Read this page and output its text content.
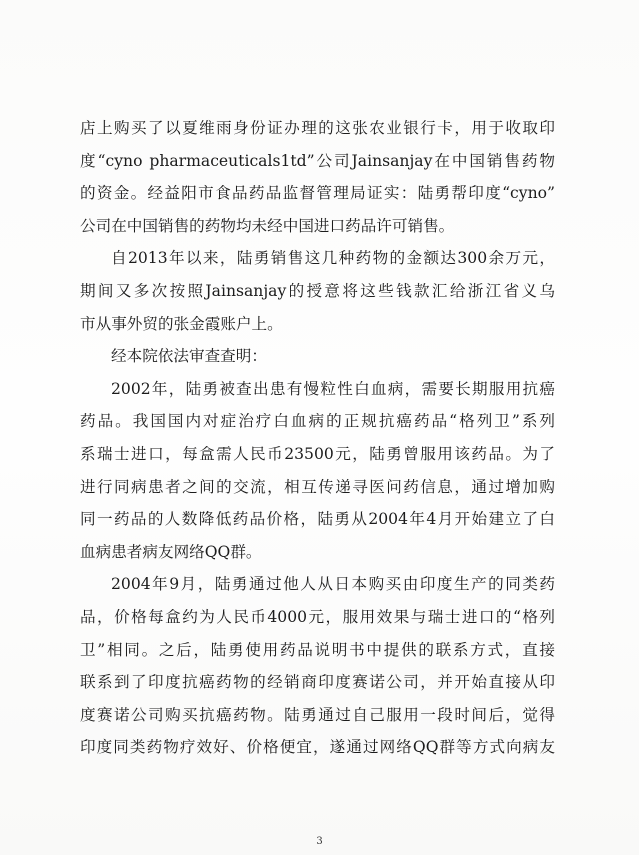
店上购买了以夏维雨身份证办理的这张农业银行卡，用于收取印
度“cyno pharmaceuticals1td”公司Jainsanjay在中国销售药物
的资金。经益阳市食品药品监督管理局证实：陆勇帮印度“cyno”
公司在中国销售的药物均未经中国进口药品许可销售。
自2013年以来，陆勇销售这几种药物的金额达300余万元，
期间又多次按照Jainsanjay的授意将这些钱款汇给浙江省义乌
市从事外贸的张金霞账户上。
经本院依法审查查明：
2002年，陆勇被查出患有慢粒性白血病，需要长期服用抗癌
药品。我国国内对症治疗白血病的正规抗癌药品“格列卫”系列
系瑞士进口，每盒需人民币23500元，陆勇曾服用该药品。为了
进行同病患者之间的交流，相互传递寻医问药信息，通过增加购
同一药品的人数降低药品价格，陆勇从2004年4月开始建立了白
血病患者病友网络QQ群。
2004年9月，陆勇通过他人从日本购买由印度生产的同类药
品，价格每盒约为人民币4000元，服用效果与瑞士进口的“格列
卫”相同。之后，陆勇使用药品说明书中提供的联系方式，直接
联系到了印度抗癌药物的经销商印度赛诺公司，并开始直接从印
度赛诺公司购买抗癌药物。陆勇通过自己服用一段时间后，觉得
印度同类药物疗效好、价格便宜，遂通过网络QQ群等方式向病友
3
